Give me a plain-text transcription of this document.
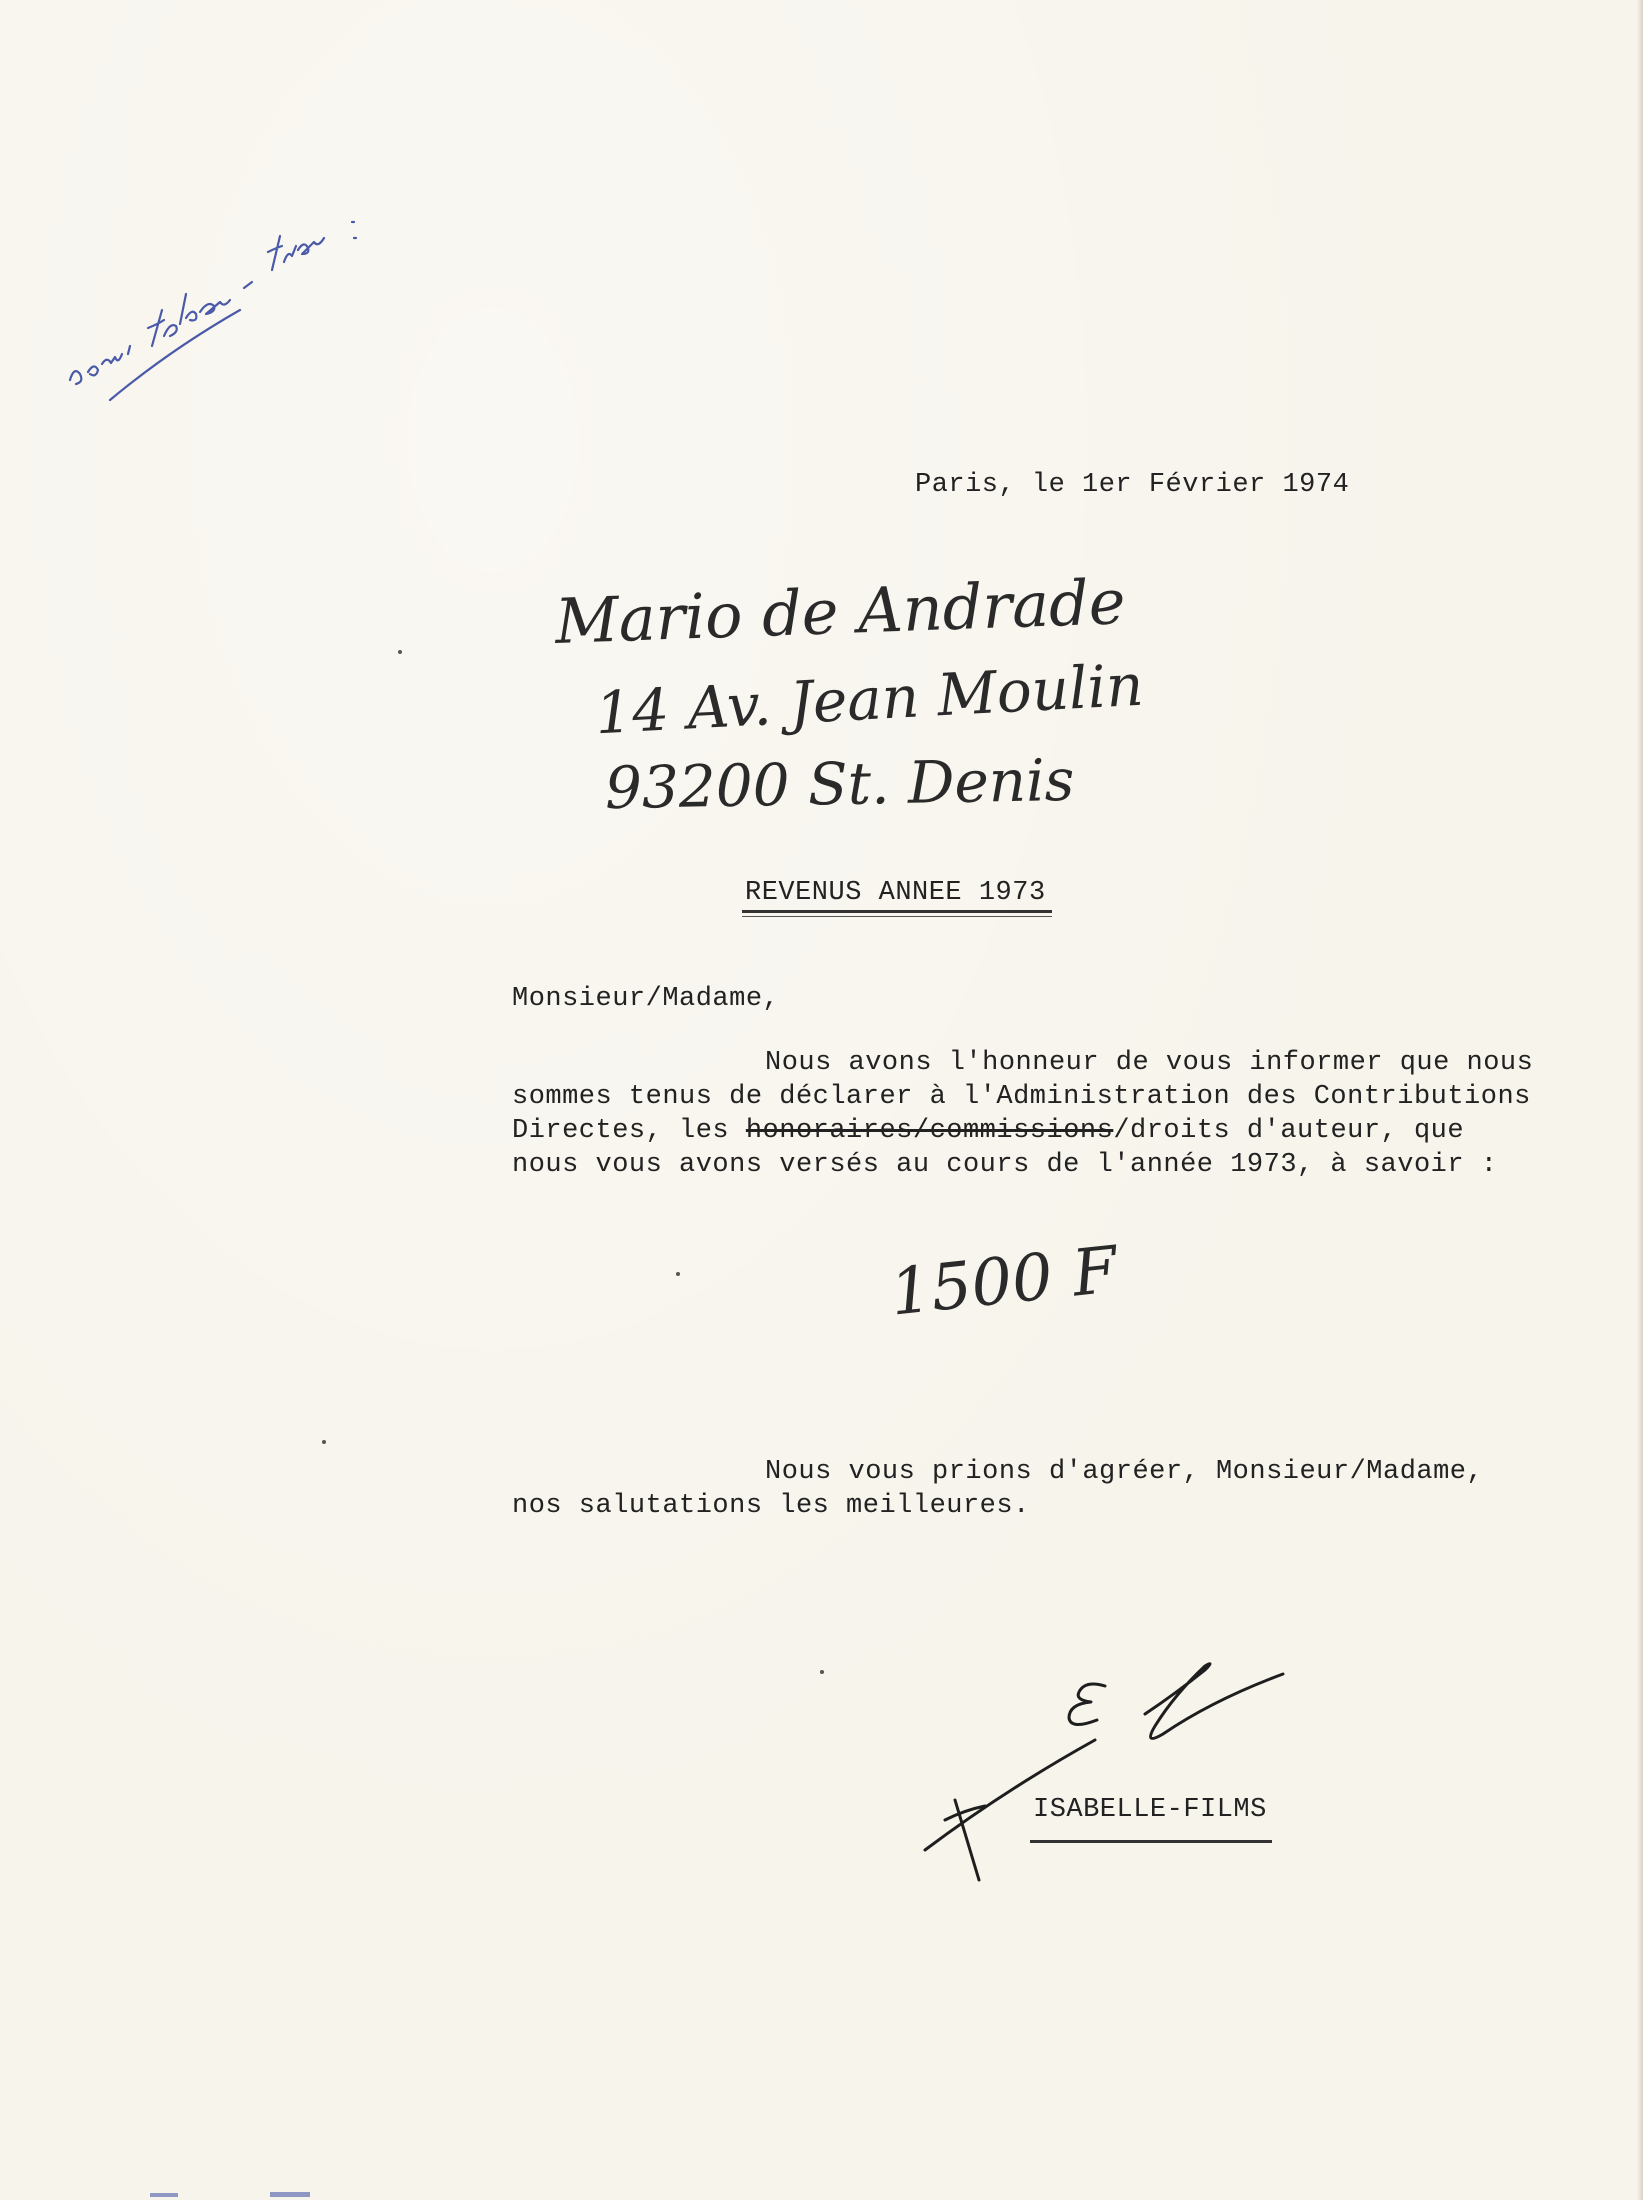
Paris, le 1er Février 1974
Mario de Andrade
14 Av. Jean Moulin
93200 St. Denis
REVENUS ANNEE 1973
Monsieur/Madame,
Nous avons l'honneur de vous informer que nous
sommes tenus de déclarer à l'Administration des Contributions
Directes, les honoraires/commissions/droits d'auteur, que
nous vous avons versés au cours de l'année 1973, à savoir :
1500 F
Nous vous prions d'agréer, Monsieur/Madame,
nos salutations les meilleures.
ISABELLE-FILMS
